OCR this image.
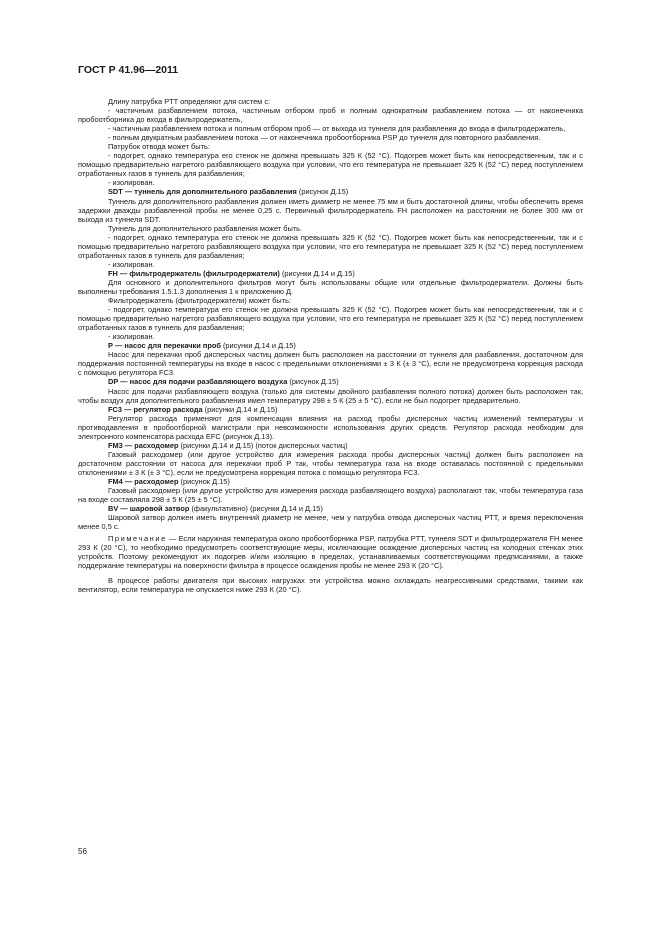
ГОСТ Р 41.96—2011

Длину патрубка PTT определяют для систем с:

- частичным разбавлением потока, частичным отбором проб и полным однократным разбавлением потока — от наконечника пробоотборника до входа в фильтродержатель,

- частичным разбавлением потока и полным отбором проб — от выхода из туннеля для разбавления до входа в фильтродержатель,

- полным двукратным разбавлением потока — от наконечника пробоотборника PSP до туннеля для повторного разбавления.

Патрубок отвода может быть:

- подогрет, однако температура его стенок не должна превышать 325 К (52 °С). Подогрев может быть как непосредственным, так и с помощью предварительно нагретого разбавляющего воздуха при условии, что его температура не превышает 325 К (52 °С) перед поступлением отработанных газов в туннель для разбавления;

- изолирован.

SDT — туннель для дополнительного разбавления (рисунок Д.15)

Туннель для дополнительного разбавления должен иметь диаметр не менее 75 мм и быть достаточной длины, чтобы обеспечить время задержки дважды разбавленной пробы не менее 0,25 с. Первичный фильтродержатель FH расположен на расстоянии не более 300 мм от выхода из туннеля SDT.

Туннель для дополнительного разбавления может быть.

- подогрет, однако температура его стенок не должна превышать 325 К (52 °С). Подогрев может быть как непосредственным, так и с помощью предварительно нагретого разбавляющего воздуха при условии, что его температура не превышает 325 К (52 °С) перед поступлением отработанных газов в туннель для разбавления;

- изолирован.

FH — фильтродержатель (фильтродержатели) (рисунки Д.14 и Д.15)

Для основного и дополнительного фильтров могут быть использованы общие или отдельные фильтродержатели. Должны быть выполнены требования 1.5.1.3 дополнения 1 к приложению Д.

Фильтродержатель (фильтродержатели) может быть:

- подогрет, однако температура его стенок не должна превышать 325 К (52 °С). Подогрев может быть как непосредственным, так и с помощью предварительно нагретого разбавляющего воздуха при условии, что его температура не превышает 325 К (52 °С) перед поступлением отработанных газов в туннель для разбавления;

- изолирован.

Р — насос для перекачки проб (рисунки Д.14 и Д.15)

Насос для перекачки проб дисперсных частиц должен быть расположен на расстоянии от туннеля для разбавления, достаточном для поддержания постоянной температуры на входе в насос с предельными отклонениями ± 3 К (± 3 °С), если не предусмотрена коррекция расхода с помощью регулятора FC3.

DP — насос для подачи разбавляющего воздуха (рисунок Д.15)

Насос для подачи разбавляющего воздуха (только для системы двойного разбавления полного потока) должен быть расположен так, чтобы воздух для дополнительного разбавления имел температуру 298 ± 5 К (25 ± 5 °С), если не был подогрет предварительно.

FC3 — регулятор расхода (рисунки Д.14 и Д.15)

Регулятор расхода применяют для компенсации влияния на расход пробы дисперсных частиц изменений температуры и противодавления в пробоотборной магистрали при невозможности использования других средств. Регулятор расхода необходим для электронного компенсатора расхода EFC (рисунок Д.13).

FM3 — расходомер (рисунки Д.14 и Д.15) (поток дисперсных частиц)

Газовый расходомер (или другое устройство для измерения расхода пробы дисперсных частиц) должен быть расположен на достаточном расстоянии от насоса для перекачки проб Р так, чтобы температура газа на входе оставалась постоянной с предельными отклонениями ± 3 К (± 3 °С), если не предусмотрена коррекция потока с помощью регулятора FC3.

FM4 — расходомер (рисунок Д.15)

Газовый расходомер (или другое устройство для измерения расхода разбавляющего воздуха) располагают так, чтобы температура газа на входе составляла 298 ± 5 К (25 ± 5 °С).

BV — шаровой затвор (факультативно) (рисунки Д.14 и Д.15)

Шаровой затвор должен иметь внутренний диаметр не менее, чем у патрубка отвода дисперсных частиц PTT, и время переключения менее 0,5 с.

Примечание — Если наружная температура около пробоотборника PSP, патрубка PTT, туннеля SDT и фильтродержателя FH менее 293 К (20 °С), то необходимо предусмотреть соответствующие меры, исключающие осаждение дисперсных частиц на холодных стенках этих устройств. Поэтому рекомендуют их подогрев и/или изоляцию в пределах, устанавливаемых соответствующими предписаниями, а также поддержание температуры на поверхности фильтра в процессе осаждения пробы не менее 293 К (20 °С).

В процессе работы двигателя при высоких нагрузках эти устройства можно охлаждать неагрессивными средствами, такими как вентилятор, если температура не опускается ниже 293 К (20 °С).

56
